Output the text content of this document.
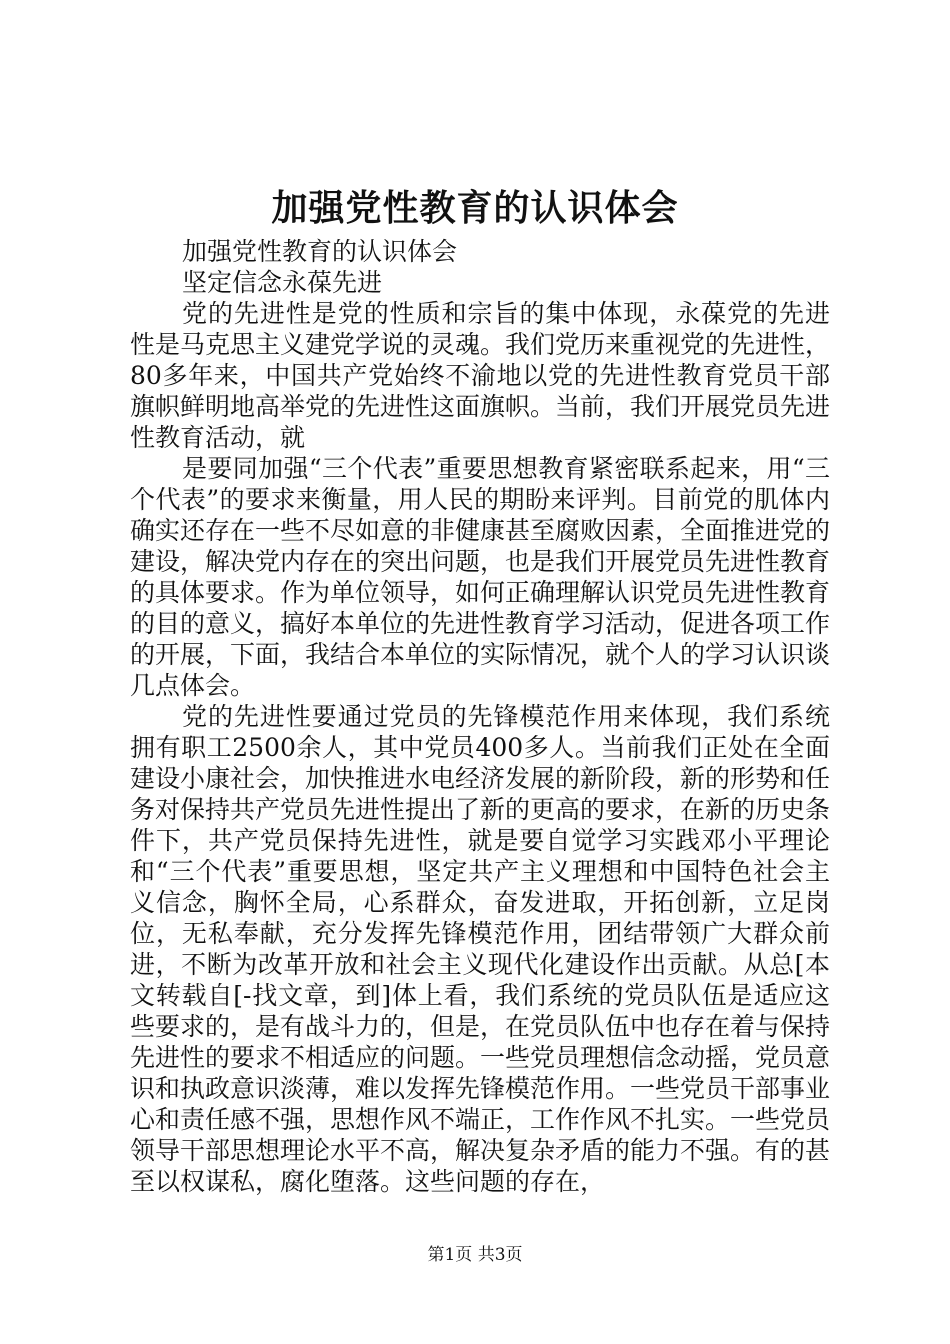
加强党性教育的认识体会

加强党性教育的认识体会

坚定信念永葆先进

党的先进性是党的性质和宗旨的集中体现，永葆党的先进性是马克思主义建党学说的灵魂。我们党历来重视党的先进性，80多年来，中国共产党始终不渝地以党的先进性教育党员干部旗帜鲜明地高举党的先进性这面旗帜。当前，我们开展党员先进性教育活动，就

是要同加强“三个代表”重要思想教育紧密联系起来，用“三个代表”的要求来衡量，用人民的期盼来评判。目前党的肌体内确实还存在一些不尽如意的非健康甚至腐败因素，全面推进党的建设，解决党内存在的突出问题，也是我们开展党员先进性教育的具体要求。作为单位领导，如何正确理解认识党员先进性教育的目的意义，搞好本单位的先进性教育学习活动，促进各项工作的开展，下面，我结合本单位的实际情况，就个人的学习认识谈几点体会。

党的先进性要通过党员的先锋模范作用来体现，我们系统拥有职工2500余人，其中党员400多人。当前我们正处在全面建设小康社会，加快推进水电经济发展的新阶段，新的形势和任务对保持共产党员先进性提出了新的更高的要求，在新的历史条件下，共产党员保持先进性，就是要自觉学习实践邓小平理论和“三个代表”重要思想，坚定共产主义理想和中国特色社会主义信念，胸怀全局，心系群众，奋发进取，开拓创新，立足岗位，无私奉献，充分发挥先锋模范作用，团结带领广大群众前进，不断为改革开放和社会主义现代化建设作出贡献。从总[本文转载自[-找文章，到]体上看，我们系统的党员队伍是适应这些要求的，是有战斗力的，但是，在党员队伍中也存在着与保持先进性的要求不相适应的问题。一些党员理想信念动摇，党员意识和执政意识淡薄，难以发挥先锋模范作用。一些党员干部事业心和责任感不强，思想作风不端正，工作作风不扎实。一些党员领导干部思想理论水平不高，解决复杂矛盾的能力不强。有的甚至以权谋私，腐化堕落。这些问题的存在，

第1页 共3页
